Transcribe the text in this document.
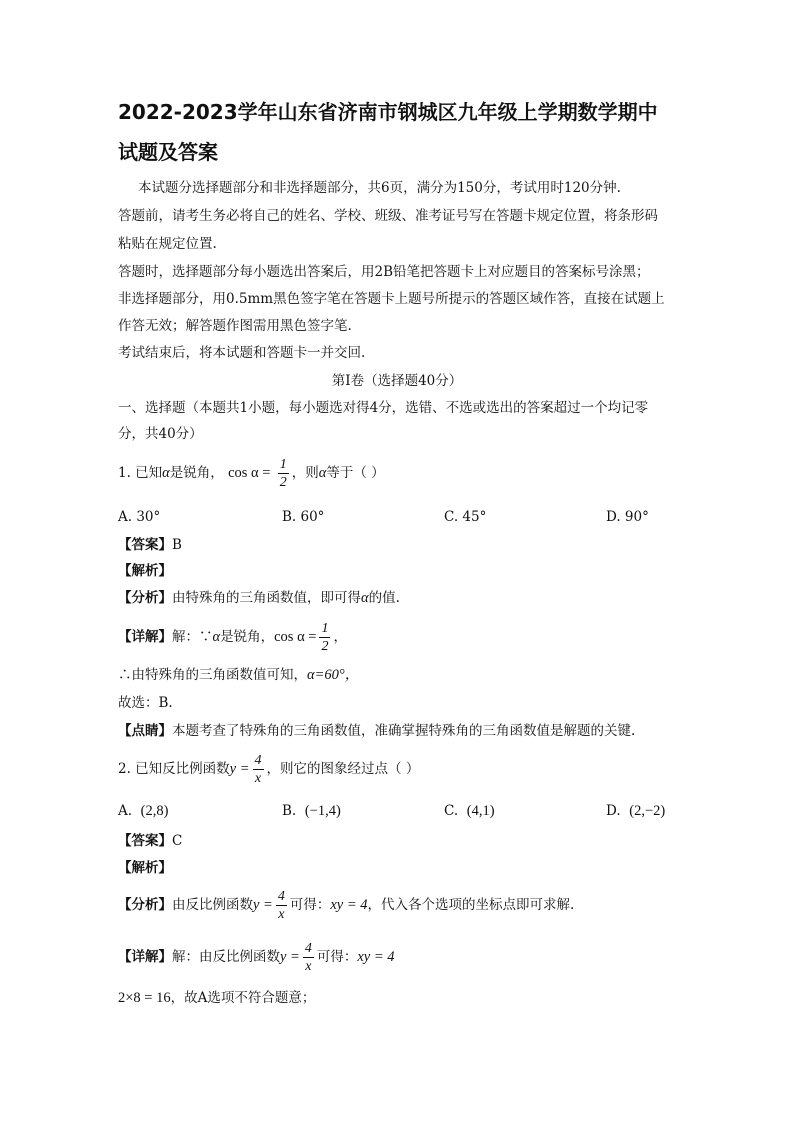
2022-2023学年山东省济南市钢城区九年级上学期数学期中
试题及答案
本试题分选择题部分和非选择题部分，共6页，满分为150分，考试用时120分钟.
答题前，请考生务必将自己的姓名、学校、班级、准考证号写在答题卡规定位置，将条形码
粘贴在规定位置.
答题时，选择题部分每小题选出答案后，用2B铅笔把答题卡上对应题目的答案标号涂黑；
非选择题部分，用0.5mm黑色签字笔在答题卡上题号所提示的答题区域作答，直接在试题上
作答无效；解答题作图需用黑色签字笔.
考试结束后，将本试题和答题卡一并交回.
第Ⅰ卷（选择题40分）
一、选择题（本题共1小题，每小题选对得4分，选错、不选或选出的答案超过一个均记零
分，共40分）
1. 已知α是锐角， $\cos \alpha = \frac{1}{2}$ ，则α等于（ ）
A. 30°	B. 60°	C. 45°	D. 90°
【答案】B
【解析】
【分析】由特殊角的三角函数值，即可得α的值.
【详解】解：∵α是锐角，$\cos \alpha = \frac{1}{2}$ ，
∴由特殊角的三角函数值可知，α=60°，
故选：B.
【点睛】本题考查了特殊角的三角函数值，准确掌握特殊角的三角函数值是解题的关键.
2. 已知反比例函数$y = \frac{4}{x}$ ，则它的图象经过点（ ）
A. (2,8)	B. (−1,4)	C. (4,1)	D. (2,−2)
【答案】C
【解析】
【分析】由反比例函数$y = \frac{4}{x}$ 可得：xy = 4，代入各个选项的坐标点即可求解.
【详解】解：由反比例函数$y = \frac{4}{x}$ 可得：xy = 4
2×8 = 16，故A选项不符合题意；
